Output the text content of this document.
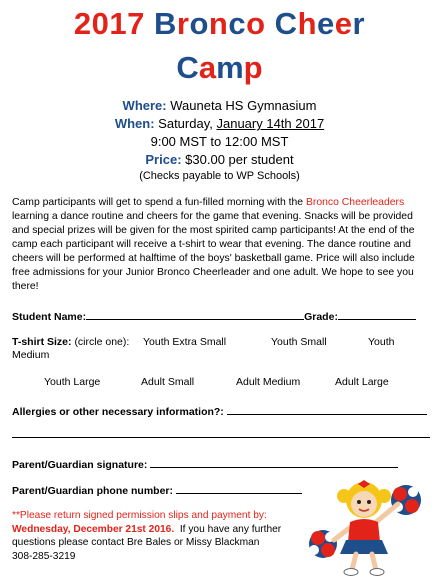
2017 Bronco Cheer
Camp
Where: Wauneta HS Gymnasium
When: Saturday, January 14th 2017
9:00 MST to 12:00 MST
Price: $30.00 per student
(Checks payable to WP Schools)
Camp participants will get to spend a fun-filled morning with the Bronco Cheerleaders learning a dance routine and cheers for the game that evening. Snacks will be provided and special prizes will be given for the most spirited camp participants! At the end of the camp each participant will receive a t-shirt to wear that evening. The dance routine and cheers will be performed at halftime of the boys' basketball game. Price will also include free admissions for your Junior Bronco Cheerleader and one adult. We hope to see you there!
Student Name:	Grade:
T-shirt Size: (circle one): Youth Extra Small	Youth Small	Youth
Medium
Youth Large	Adult Small	Adult Medium	Adult Large
Allergies or other necessary information?:
Parent/Guardian signature:
Parent/Guardian phone number:
**Please return signed permission slips and payment by:
Wednesday, December 21st 2016. If you have any further questions please contact Bre Bales or Missy Blackman
308-285-3219
